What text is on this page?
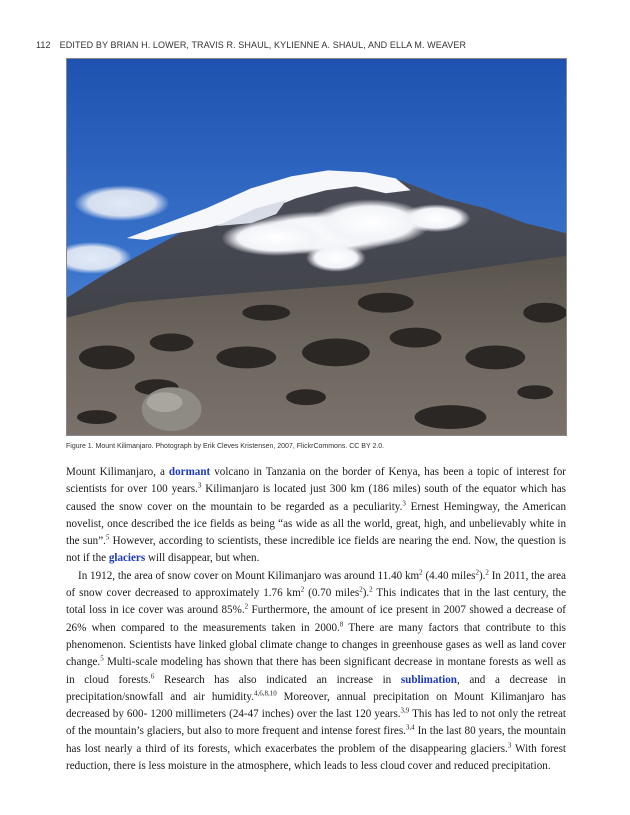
112 EDITED BY BRIAN H. LOWER, TRAVIS R. SHAUL, KYLIENNE A. SHAUL, AND ELLA M. WEAVER
Figure 1. Mount Kilimanjaro. Photograph by Erik Cleves Kristensen, 2007, FlickrCommons. CC BY 2.0.

Mount Kilimanjaro, a dormant volcano in Tanzania on the border of Kenya, has been a topic of interest for scientists for over 100 years.$^3$ Kilimanjaro is located just 300 km (186 miles) south of the equator which has caused the snow cover on the mountain to be regarded as a peculiarity.$^3$ Ernest Hemingway, the American novelist, once described the ice fields as being “as wide as all the world, great, high, and unbelievably white in the sun”.$^5$ However, according to scientists, these incredible ice fields are nearing the end. Now, the question is not if the glaciers will disappear, but when.

In 1912, the area of snow cover on Mount Kilimanjaro was around 11.40 $km^2$ (4.40 miles$^2$).$^2$ In 2011, the area of snow cover decreased to approximately 1.76 $km^2$ (0.70 miles$^2$).$^2$ This indicates that in the last century, the total loss in ice cover was around 85%.$^2$ Furthermore, the amount of ice present in 2007 showed a decrease of 26% when compared to the measurements taken in 2000.$^8$ There are many factors that contribute to this phenomenon. Scientists have linked global climate change to changes in greenhouse gases as well as land cover change.$^5$ Multi-scale modeling has shown that there has been significant decrease in montane forests as well as in cloud forests.$^6$ Research has also indicated an increase in sublimation, and a decrease in precipitation/snowfall and air humidity.$^{4,6,8,10}$ Moreover, annual precipitation on Mount Kilimanjaro has decreased by 600- 1200 millimeters (24-47 inches) over the last 120 years.$^{3,9}$ This has led to not only the retreat of the mountain’s glaciers, but also to more frequent and intense forest fires.$^{3,4}$ In the last 80 years, the mountain has lost nearly a third of its forests, which exacerbates the problem of the disappearing glaciers.$^3$ With forest reduction, there is less moisture in the atmosphere, which leads to less cloud cover and reduced precipitation.
